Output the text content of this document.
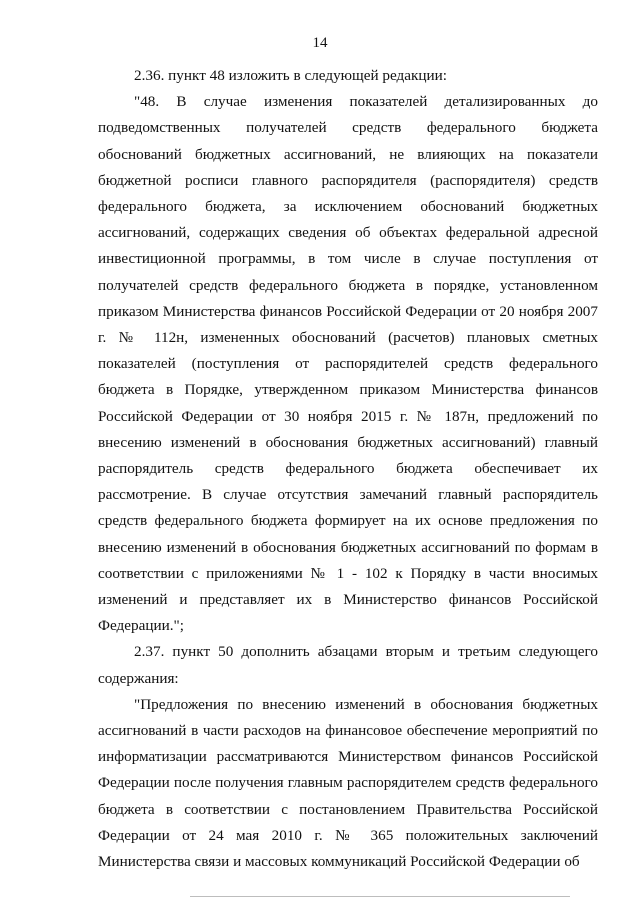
14

2.36. пункт 48 изложить в следующей редакции:

"48. В случае изменения показателей детализированных до подведомственных получателей средств федерального бюджета обоснований бюджетных ассигнований, не влияющих на показатели бюджетной росписи главного распорядителя (распорядителя) средств федерального бюджета, за исключением обоснований бюджетных ассигнований, содержащих сведения об объектах федеральной адресной инвестиционной программы, в том числе в случае поступления от получателей средств федерального бюджета в порядке, установленном приказом Министерства финансов Российской Федерации от 20 ноября 2007 г. № 112н, измененных обоснований (расчетов) плановых сметных показателей (поступления от распорядителей средств федерального бюджета в Порядке, утвержденном приказом Министерства финансов Российской Федерации от 30 ноября 2015 г. № 187н, предложений по внесению изменений в обоснования бюджетных ассигнований) главный распорядитель средств федерального бюджета обеспечивает их рассмотрение. В случае отсутствия замечаний главный распорядитель средств федерального бюджета формирует на их основе предложения по внесению изменений в обоснования бюджетных ассигнований по формам в соответствии с приложениями № 1 - 102 к Порядку в части вносимых изменений и представляет их в Министерство финансов Российской Федерации.";

2.37. пункт 50 дополнить абзацами вторым и третьим следующего содержания:

"Предложения по внесению изменений в обоснования бюджетных ассигнований в части расходов на финансовое обеспечение мероприятий по информатизации рассматриваются Министерством финансов Российской Федерации после получения главным распорядителем средств федерального бюджета в соответствии с постановлением Правительства Российской Федерации от 24 мая 2010 г. № 365 положительных заключений Министерства связи и массовых коммуникаций Российской Федерации об
